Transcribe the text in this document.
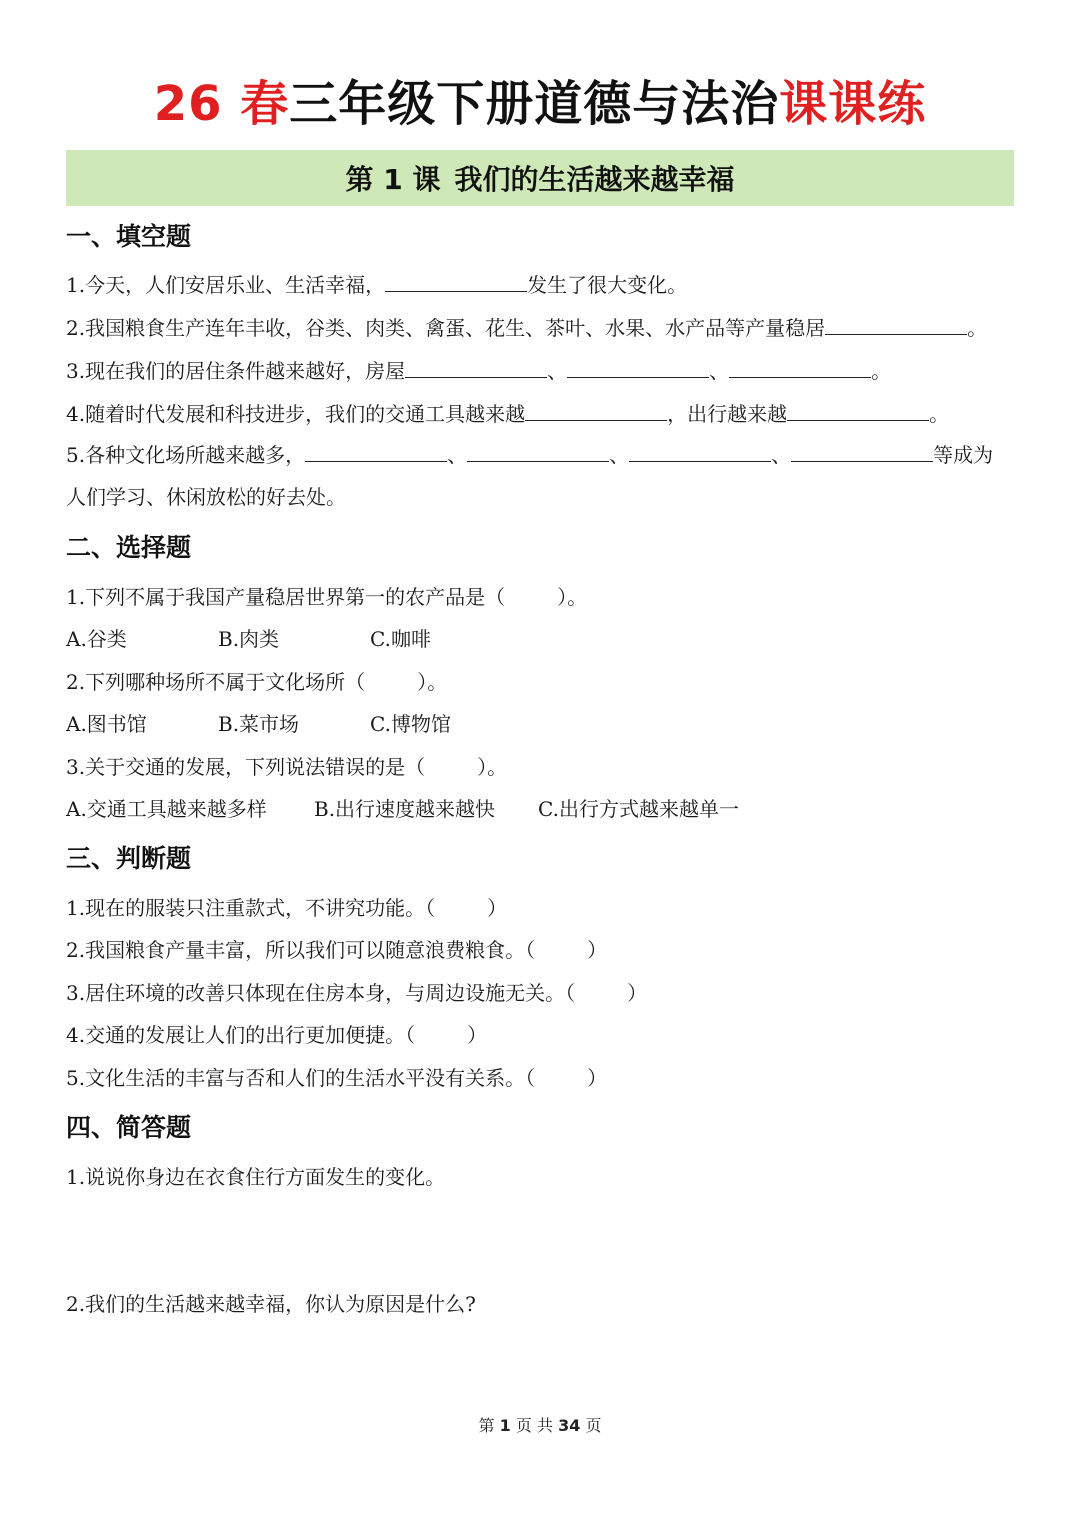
26 春三年级下册道德与法治课课练
第 1 课 我们的生活越来越幸福
一、填空题
1.今天，人们安居乐业、生活幸福，	发生了很大变化。
2.我国粮食生产连年丰收，谷类、肉类、禽蛋、花生、茶叶、水果、水产品等产量稳居	。
3.现在我们的居住条件越来越好，房屋	、	、	。
4.随着时代发展和科技进步，我们的交通工具越来越	，出行越来越	。
5.各种文化场所越来越多，	、	、	、	等成为
人们学习、休闲放松的好去处。
二、选择题
1.下列不属于我国产量稳居世界第一的农产品是（	）。
A.谷类	B.肉类	C.咖啡
2.下列哪种场所不属于文化场所（	）。
A.图书馆	B.菜市场	C.博物馆
3.关于交通的发展，下列说法错误的是（	）。
A.交通工具越来越多样 B.出行速度越来越快 C.出行方式越来越单一
三、判断题
1.现在的服装只注重款式，不讲究功能。（	）
2.我国粮食产量丰富，所以我们可以随意浪费粮食。（	）
3.居住环境的改善只体现在住房本身，与周边设施无关。（	）
4.交通的发展让人们的出行更加便捷。（	）
5.文化生活的丰富与否和人们的生活水平没有关系。（	）
四、简答题
1.说说你身边在衣食住行方面发生的变化。
2.我们的生活越来越幸福，你认为原因是什么?
第 1 页 共 34 页
